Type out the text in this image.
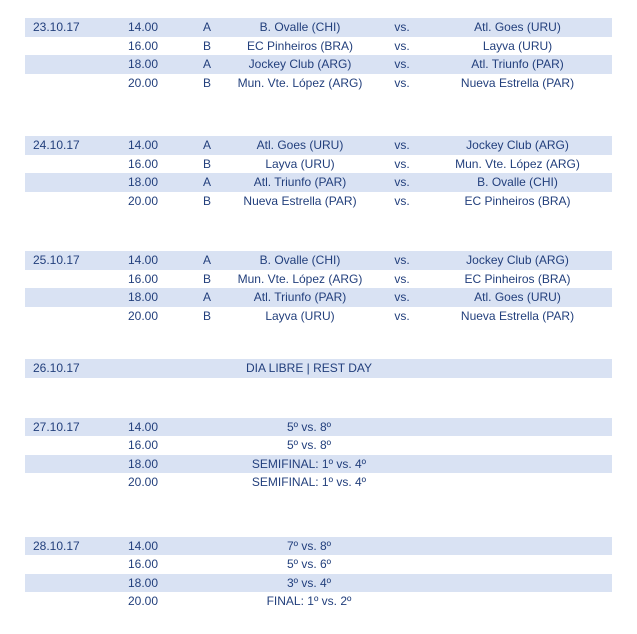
23.10.17	14.00	A	B. Ovalle (CHI)	vs.	Atl. Goes (URU)
16.00	B	EC Pinheiros (BRA)	vs.	Layva (URU)
18.00	A	Jockey Club (ARG)	vs.	Atl. Triunfo (PAR)
20.00	B	Mun. Vte. López (ARG)	vs.	Nueva Estrella (PAR)
24.10.17	14.00	A	Atl. Goes (URU)	vs.	Jockey Club (ARG)
16.00	B	Layva (URU)	vs.	Mun. Vte. López (ARG)
18.00	A	Atl. Triunfo (PAR)	vs.	B. Ovalle (CHI)
20.00	B	Nueva Estrella (PAR)	vs.	EC Pinheiros (BRA)
25.10.17	14.00	A	B. Ovalle (CHI)	vs.	Jockey Club (ARG)
16.00	B	Mun. Vte. López (ARG)	vs.	EC Pinheiros (BRA)
18.00	A	Atl. Triunfo (PAR)	vs.	Atl. Goes (URU)
20.00	B	Layva (URU)	vs.	Nueva Estrella (PAR)
26.10.17	DIA LIBRE | REST DAY
27.10.17	14.00	5º vs. 8º
16.00	5º vs. 8º
18.00	SEMIFINAL: 1º vs. 4º
20.00	SEMIFINAL: 1º vs. 4º
28.10.17	14.00	7º vs. 8º
16.00	5º vs. 6º
18.00	3º vs. 4º
20.00	FINAL: 1º vs. 2º
